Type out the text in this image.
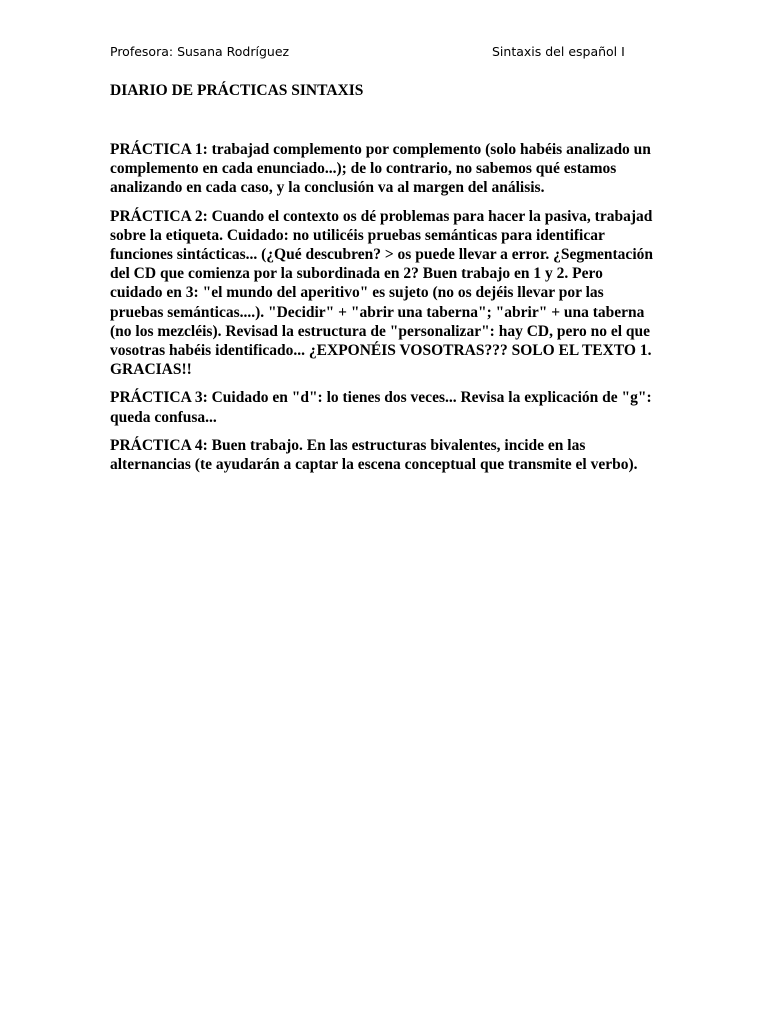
Profesora: Susana Rodríguez	Sintaxis del español I
DIARIO DE PRÁCTICAS SINTAXIS

PRÁCTICA 1: trabajad complemento por complemento (solo habéis analizado un complemento en cada enunciado...); de lo contrario, no sabemos qué estamos analizando en cada caso, y la conclusión va al margen del análisis.

PRÁCTICA 2: Cuando el contexto os dé problemas para hacer la pasiva, trabajad sobre la etiqueta. Cuidado: no utilicéis pruebas semánticas para identificar funciones sintácticas... (¿Qué descubren? > os puede llevar a error. ¿Segmentación del CD que comienza por la subordinada en 2? Buen trabajo en 1 y 2. Pero cuidado en 3: "el mundo del aperitivo" es sujeto (no os dejéis llevar por las pruebas semánticas....). "Decidir" + "abrir una taberna"; "abrir" + una taberna (no los mezcléis). Revisad la estructura de "personalizar": hay CD, pero no el que vosotras habéis identificado... ¿EXPONÉIS VOSOTRAS??? SOLO EL TEXTO 1. GRACIAS!!

PRÁCTICA 3: Cuidado en "d": lo tienes dos veces... Revisa la explicación de "g": queda confusa...

PRÁCTICA 4: Buen trabajo. En las estructuras bivalentes, incide en las alternancias (te ayudarán a captar la escena conceptual que transmite el verbo).
